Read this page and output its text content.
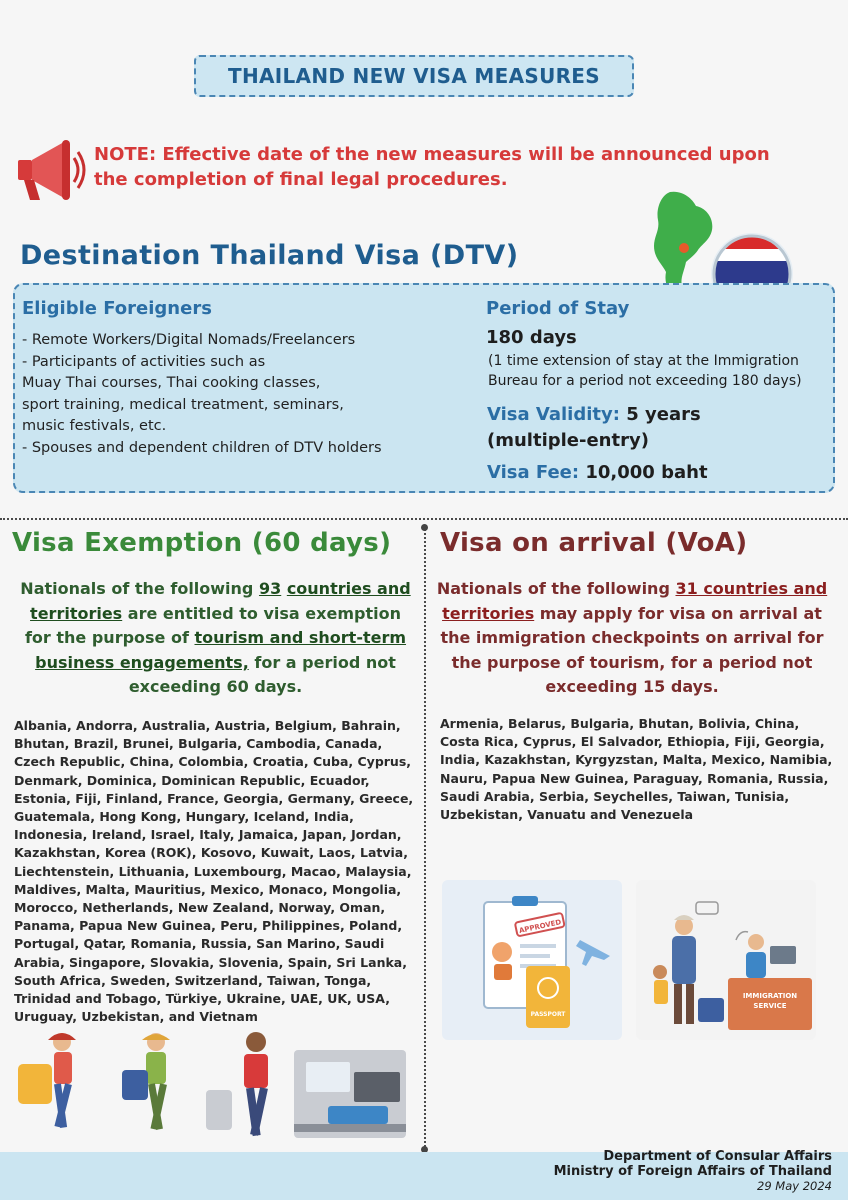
THAILAND NEW VISA MEASURES
NOTE: Effective date of the new measures will be announced upon
the completion of final legal procedures.
Destination Thailand Visa (DTV)
Eligible Foreigners
- Remote Workers/Digital Nomads/Freelancers
- Participants of activities such as
Muay Thai courses, Thai cooking classes,
sport training, medical treatment, seminars,
music festivals, etc.
- Spouses and dependent children of DTV holders
Period of Stay
180 days
(1 time extension of stay at the Immigration
Bureau for a period not exceeding 180 days)
Visa Validity: 5 years
(multiple-entry)
Visa Fee: 10,000 baht
Visa Exemption (60 days)
Nationals of the following 93 countries and territories are entitled to visa exemption for the purpose of tourism and short-term business engagements, for a period not exceeding 60 days.
Albania, Andorra, Australia, Austria, Belgium, Bahrain, Bhutan, Brazil, Brunei, Bulgaria, Cambodia, Canada, Czech Republic, China, Colombia, Croatia, Cuba, Cyprus, Denmark, Dominica, Dominican Republic, Ecuador, Estonia, Fiji, Finland, France, Georgia, Germany, Greece, Guatemala, Hong Kong, Hungary, Iceland, India, Indonesia, Ireland, Israel, Italy, Jamaica, Japan, Jordan, Kazakhstan, Korea (ROK), Kosovo, Kuwait, Laos, Latvia, Liechtenstein, Lithuania, Luxembourg, Macao, Malaysia, Maldives, Malta, Mauritius, Mexico, Monaco, Mongolia, Morocco, Netherlands, New Zealand, Norway, Oman, Panama, Papua New Guinea, Peru, Philippines, Poland, Portugal, Qatar, Romania, Russia, San Marino, Saudi Arabia, Singapore, Slovakia, Slovenia, Spain, Sri Lanka, South Africa, Sweden, Switzerland, Taiwan, Tonga, Trinidad and Tobago, Türkiye, Ukraine, UAE, UK, USA, Uruguay, Uzbekistan, and Vietnam
Visa on arrival (VoA)
Nationals of the following 31 countries and territories may apply for visa on arrival at the immigration checkpoints on arrival for the purpose of tourism, for a period not exceeding 15 days.
Armenia, Belarus, Bulgaria, Bhutan, Bolivia, China, Costa Rica, Cyprus, El Salvador, Ethiopia, Fiji, Georgia, India, Kazakhstan, Kyrgyzstan, Malta, Mexico, Namibia, Nauru, Papua New Guinea, Paraguay, Romania, Russia, Saudi Arabia, Serbia, Seychelles, Taiwan, Tunisia, Uzbekistan, Vanuatu and Venezuela
APPROVED
PASSPORT
IMMIGRATION
SERVICE
Department of Consular Affairs
Ministry of Foreign Affairs of Thailand
29 May 2024
